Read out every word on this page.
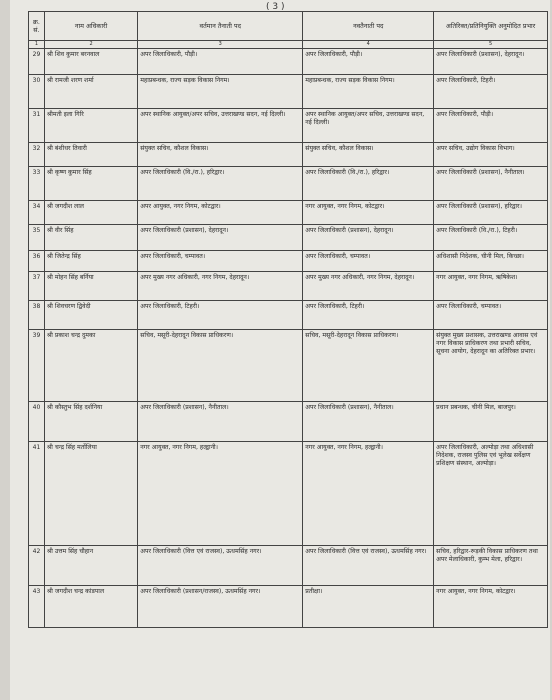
( 3 )
क्र. सं.	नाम अधिकारी	वर्तमान तैनाती पद	नवतैनाती पद	अतिरिक्त/प्रतिनियुक्ति अनुमोदित प्रभार
1	2	3	4	5
29	श्री शिव कुमार बरनवाल	अपर जिलाधिकारी, पौड़ी।	अपर जिलाधिकारी, पौड़ी।	अपर जिलाधिकारी (प्रशासन), देहरादून।
30	श्री रामजी शरण शर्मा	महाप्रबन्धक, राज्य सड़क विकास निगम।	महाप्रबन्धक, राज्य सड़क विकास निगम।	अपर जिलाधिकारी, टिहरी।
31	श्रीमती इला गिरि	अपर स्थानिक आयुक्त/अपर सचिव, उत्तराखण्ड सदन, नई दिल्ली।	अपर स्थानिक आयुक्त/अपर सचिव, उत्तराखण्ड सदन, नई दिल्ली।	अपर जिलाधिकारी, पौड़ी।
32	श्री बंशीधर तिवारी	संयुक्त सचिव, कौशल विकास।	संयुक्त सचिव, कौशल विकास।	अपर सचिव, उद्योग विकास विभाग।
33	श्री कृष्ण कुमार सिंह	अपर जिलाधिकारी (वि./रा.), हरिद्वार।	अपर जिलाधिकारी (वि./रा.), हरिद्वार।	अपर जिलाधिकारी (प्रशासन), नैनीताल।
34	श्री जगदीश लाल	अपर आयुक्त, नगर निगम, कोटद्वार।	नगर आयुक्त, नगर निगम, कोटद्वार।	अपर जिलाधिकारी (प्रशासन), हरिद्वार।
35	श्री वीर सिंह	अपर जिलाधिकारी (प्रशासन), देहरादून।	अपर जिलाधिकारी (प्रशासन), देहरादून।	अपर जिलाधिकारी (वि./रा.), टिहरी।
36	श्री जितेन्द्र सिंह	अपर जिलाधिकारी, चम्पावत।	अपर जिलाधिकारी, चम्पावत।	अधिशासी निदेशक, चीनी मिल, किच्छा।
37	श्री मोहन सिंह बर्निया	अपर मुख्य नगर अधिकारी, नगर निगम, देहरादून।	अपर मुख्य नगर अधिकारी, नगर निगम, देहरादून।	नगर आयुक्त, नगर निगम, ऋषिकेश।
38	श्री शिवचरण द्विवेदी	अपर जिलाधिकारी, टिहरी।	अपर जिलाधिकारी, टिहरी।	अपर जिलाधिकारी, चम्पावत।
39	श्री प्रकाश चन्द्र दुमका	सचिव, मसूरी-देहरादून विकास प्राधिकरण।	सचिव, मसूरी-देहरादून विकास प्राधिकरण।	संयुक्त मुख्य प्रशासक, उत्तराखण्ड आवास एवं नगर विकास प्राधिकरण तथा प्रभारी सचिव, सूचना आयोग, देहरादून का अतिरिक्त प्रभार।
40	श्री कौस्तुभ सिंह दर्शनिया	अपर जिलाधिकारी (प्रशासन), नैनीताल।	अपर जिलाधिकारी (प्रशासन), नैनीताल।	प्रधान प्रबन्धक, चीनी मिल, बाजपुर।
41	श्री चन्द्र सिंह मर्तोलिया	नगर आयुक्त, नगर निगम, हल्द्वानी।	नगर आयुक्त, नगर निगम, हल्द्वानी।	अपर जिलाधिकारी, अल्मोड़ा तथा अधिशासी निदेशक, राजस्व पुलिस एवं भूलेख सर्वेक्षण प्रशिक्षण संस्थान, अल्मोड़ा।
42	श्री उत्तम सिंह चौहान	अपर जिलाधिकारी (वित्त एवं राजस्व), ऊधमसिंह नगर।	अपर जिलाधिकारी (वित्त एवं राजस्व), ऊधमसिंह नगर।	सचिव, हरिद्वार-रूड़की विकास प्राधिकरण तथा अपर मेलाधिकारी, कुम्भ मेला, हरिद्वार।
43	श्री जगदीश चन्द्र कांडपाल	अपर जिलाधिकारी (प्रशासन/राजस्व), ऊधमसिंह नगर।	प्रतीक्षा।	नगर आयुक्त, नगर निगम, कोटद्वार।
